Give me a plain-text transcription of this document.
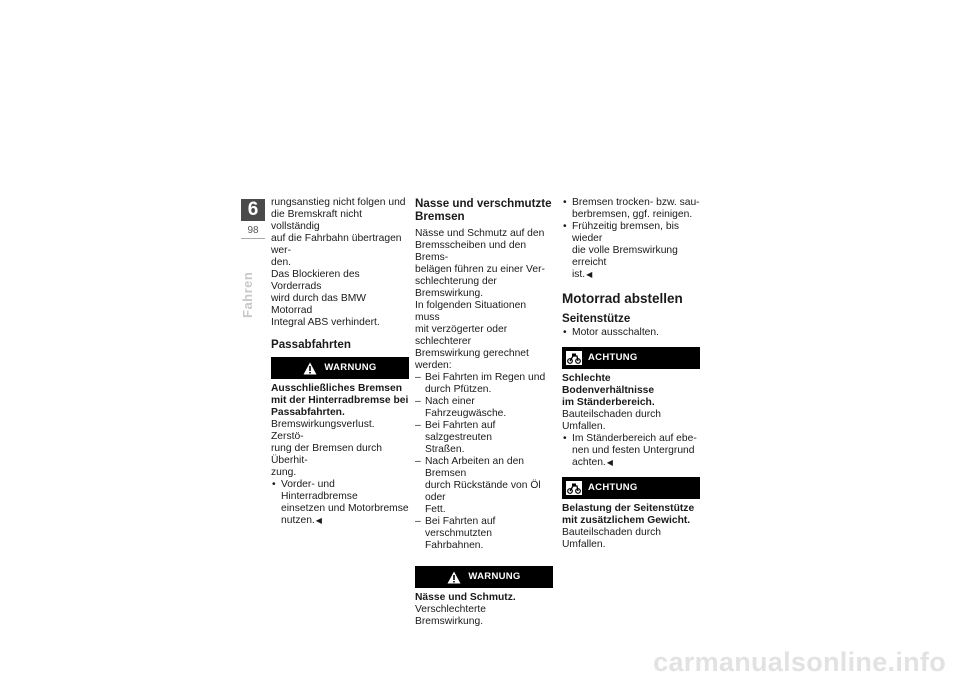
6
98
Fahren

rungsanstieg nicht folgen und
die Bremskraft nicht vollständig
auf die Fahrbahn übertragen wer-
den.

Das Blockieren des Vorderrads
wird durch das BMW Motorrad
Integral ABS verhindert.

Passabfahrten
WARNUNG

Ausschließliches Bremsen
mit der Hinterradbremse bei
Passabfahrten.

Bremswirkungsverlust. Zerstö-
rung der Bremsen durch Überhit-
zung.

• Vorder- und Hinterradbremse
einsetzen und Motorbremse
nutzen. ◀
Nasse und verschmutzte
Bremsen

Nässe und Schmutz auf den
Bremsscheiben und den Brems-
belägen führen zu einer Ver-
schlechterung der Bremswirkung.
In folgenden Situationen muss
mit verzögerter oder schlechterer
Bremswirkung gerechnet werden:

– Bei Fahrten im Regen und
durch Pfützen.
– Nach einer Fahrzeugwäsche.
– Bei Fahrten auf salzgestreuten
Straßen.
– Nach Arbeiten an den Bremsen
durch Rückstände von Öl oder
Fett.
– Bei Fahrten auf verschmutzten
Fahrbahnen.
WARNUNG

Nässe und Schmutz.

Verschlechterte Bremswirkung.

• Bremsen trocken- bzw. sau-
berbremsen, ggf. reinigen.
• Frühzeitig bremsen, bis wieder
die volle Bremswirkung erreicht
ist. ◀
Motorrad abstellen
Seitenstütze
• Motor ausschalten.
ACHTUNG

Schlechte Bodenverhältnisse
im Ständerbereich.

Bauteilschaden durch Umfallen.

• Im Ständerbereich auf ebe-
nen und festen Untergrund
achten. ◀
ACHTUNG

Belastung der Seitenstütze
mit zusätzlichem Gewicht.

Bauteilschaden durch Umfallen.

carmanualsonline.info
